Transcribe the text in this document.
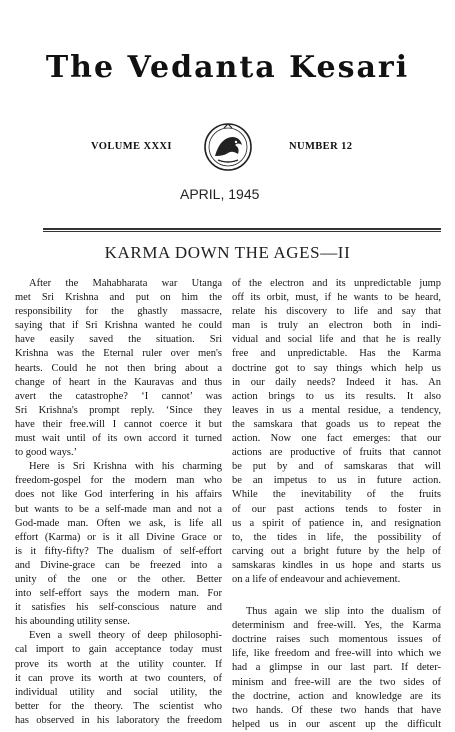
The Vedanta Kesari
VOLUME XXXI	NUMBER 12
APRIL, 1945
KARMA DOWN THE AGES—II
After the Mahabharata war Utanga
met Sri Krishna and put on him the
responsibility for the ghastly massacre,
saying that if Sri Krishna wanted he could
have easily saved the situation. Sri
Krishna was the Eternal ruler over men's
hearts. Could he not then bring about a
change of heart in the Kauravas and thus
avert the catastrophe? ‘I cannot’ was
Sri Krishna's prompt reply. ‘Since they
have their free.will I cannot coerce it but
must wait until of its own accord it turned
to good ways.’
Here is Sri Krishna with his charming
freedom-gospel for the modern man who
does not like God interfering in his affairs
but wants to be a self-made man and not a
God-made man. Often we ask, is life all
effort (Karma) or is it all Divine Grace or
is it fifty-fifty? The dualism of self-effort
and Divine-grace can be freezed into a
unity of the one or the other. Better
into self-effort says the modern man. For
it satisfies his self-conscious nature and
his abounding utility sense.
Even a swell theory of deep philosophi-
cal import to gain acceptance today must
prove its worth at the utility counter. If
it can prove its worth at two counters, of
individual utility and social utility, the
better for the theory. The scientist who
has observed in his laboratory the freedom
of the electron and its unpredictable jump
off its orbit, must, if he wants to be heard,
relate his discovery to life and say that
man is truly an electron both in indi-
vidual and social life and that he is really
free and unpredictable. Has the Karma
doctrine got to say things which help us
in our daily needs? Indeed it has. An
action brings to us its results. It also
leaves in us a mental residue, a tendency,
the samskara that goads us to repeat the
action. Now one fact emerges: that our
actions are productive of fruits that cannot
be put by and of samskaras that will
be an impetus to us in future action.
While the inevitability of the fruits
of our past actions tends to foster in
us a spirit of patience in, and resignation
to, the tides in life, the possibility of
carving out a bright future by the help of
samskaras kindles in us hope and starts us
on a life of endeavour and achievement.
Thus again we slip into the dualism of
determinism and free-will. Yes, the Karma
doctrine raises such momentous issues of
life, like freedom and free-will into which we
had a glimpse in our last part. If deter-
minism and free-will are the two sides of
the doctrine, action and knowledge are its
two hands. Of these two hands that have
helped us in our ascent up the difficult
